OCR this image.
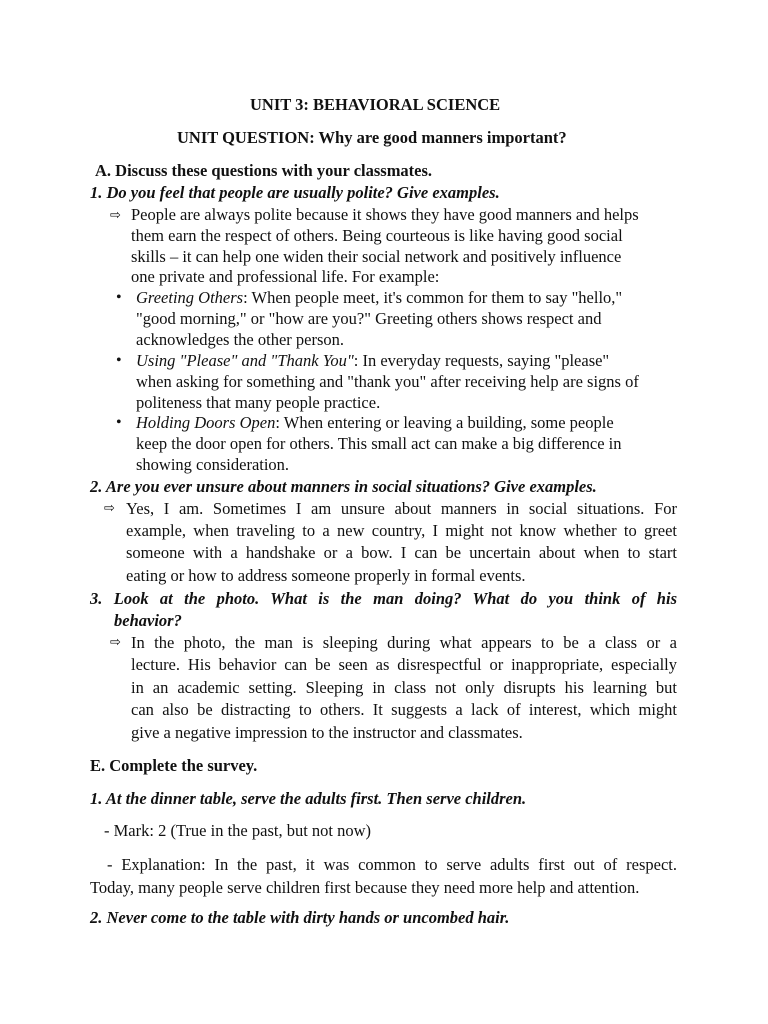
UNIT 3: BEHAVIORAL SCIENCE
UNIT QUESTION: Why are good manners important?
A. Discuss these questions with your classmates.
1. Do you feel that people are usually polite? Give examples.
⇨ People are always polite because it shows they have good manners and helps
them earn the respect of others. Being courteous is like having good social
skills – it can help one widen their social network and positively influence
one private and professional life. For example:
• Greeting Others: When people meet, it's common for them to say "hello,"
"good morning," or "how are you?" Greeting others shows respect and
acknowledges the other person.
• Using "Please" and "Thank You": In everyday requests, saying "please"
when asking for something and "thank you" after receiving help are signs of
politeness that many people practice.
• Holding Doors Open: When entering or leaving a building, some people
keep the door open for others. This small act can make a big difference in
showing consideration.
2. Are you ever unsure about manners in social situations? Give examples.
⇨ Yes, I am. Sometimes I am unsure about manners in social situations. For
example, when traveling to a new country, I might not know whether to greet
someone with a handshake or a bow. I can be uncertain about when to start
eating or how to address someone properly in formal events.
3. Look at the photo. What is the man doing? What do you think of his
behavior?
⇨ In the photo, the man is sleeping during what appears to be a class or a
lecture. His behavior can be seen as disrespectful or inappropriate, especially
in an academic setting. Sleeping in class not only disrupts his learning but
can also be distracting to others. It suggests a lack of interest, which might
give a negative impression to the instructor and classmates.
E. Complete the survey.
1. At the dinner table, serve the adults first. Then serve children.
- Mark: 2 (True in the past, but not now)
- Explanation: In the past, it was common to serve adults first out of respect.
Today, many people serve children first because they need more help and attention.
2. Never come to the table with dirty hands or uncombed hair.
